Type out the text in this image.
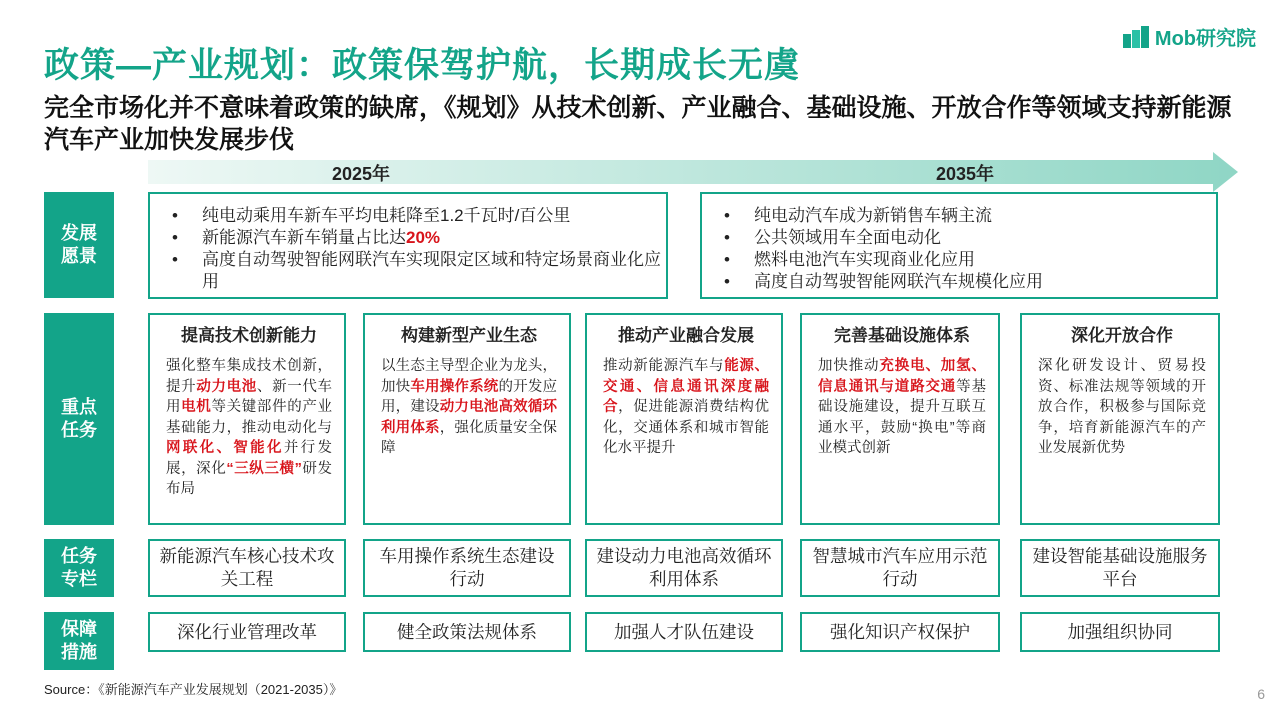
政策—产业规划：政策保驾护航，长期成长无虞
Mob研究院
完全市场化并不意味着政策的缺席，《规划》从技术创新、产业融合、基础设施、开放合作等领域支持新能源汽车产业加快发展步伐
2025年	2035年
发展
愿景
重点
任务
任务
专栏
保障
措施
• 纯电动乘用车新车平均电耗降至1.2千瓦时/百公里
• 新能源汽车新车销量占比达20%
• 高度自动驾驶智能网联汽车实现限定区域和特定场景商业化应用
• 纯电动汽车成为新销售车辆主流
• 公共领域用车全面电动化
• 燃料电池汽车实现商业化应用
• 高度自动驾驶智能网联汽车规模化应用
提高技术创新能力
强化整车集成技术创新，提升动力电池、新一代车用电机等关键部件的产业基础能力，推动电动化与网联化、智能化并行发展，深化“三纵三横”研发布局
构建新型产业生态
以生态主导型企业为龙头，加快车用操作系统的开发应用，建设动力电池高效循环利用体系，强化质量安全保障
推动产业融合发展
推动新能源汽车与能源、交通、信息通讯深度融合，促进能源消费结构优化，交通体系和城市智能化水平提升
完善基础设施体系
加快推动充换电、加氢、信息通讯与道路交通等基础设施建设，提升互联互通水平，鼓励“换电”等商业模式创新
深化开放合作
深化研发设计、贸易投资、标准法规等领域的开放合作，积极参与国际竞争，培育新能源汽车的产业发展新优势
新能源汽车核心技术攻关工程
车用操作系统生态建设行动
建设动力电池高效循环利用体系
智慧城市汽车应用示范行动
建设智能基础设施服务平台
深化行业管理改革	健全政策法规体系	加强人才队伍建设	强化知识产权保护	加强组织协同
Source：《新能源汽车产业发展规划（2021-2035）》	6
